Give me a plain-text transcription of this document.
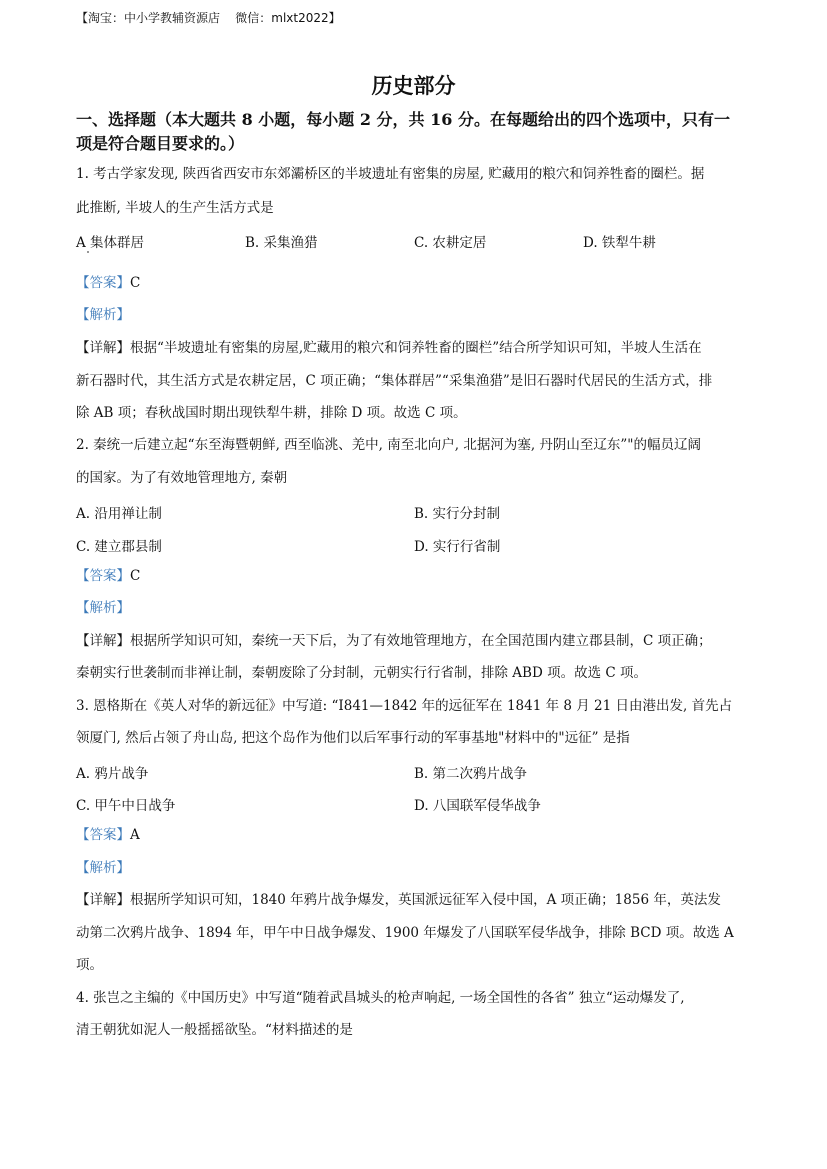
【淘宝：中小学教辅资源店    微信：mlxt2022】
历史部分
一、选择题（本大题共 8 小题，每小题 2 分，共 16 分。在每题给出的四个选项中，只有一
项是符合题目要求的。）
1. 考古学家发现, 陕西省西安市东郊灞桥区的半坡遗址有密集的房屋, 贮藏用的粮穴和饲养牲畜的圈栏。据
此推断, 半坡人的生产生活方式是
A 集体群居	B. 采集渔猎	C. 农耕定居	D. 铁犁牛耕
【答案】C
【解析】
【详解】根据“半坡遗址有密集的房屋,贮藏用的粮穴和饲养牲畜的圈栏”结合所学知识可知，半坡人生活在
新石器时代，其生活方式是农耕定居，C 项正确；“集体群居”“采集渔猎”是旧石器时代居民的生活方式，排
除 AB 项；春秋战国时期出现铁犁牛耕，排除 D 项。故选 C 项。
2. 秦统一后建立起“东至海暨朝鲜, 西至临洮、羌中, 南至北向户, 北据河为塞, 丹阴山至辽东”"的幅员辽阔
的国家。为了有效地管理地方, 秦朝
A. 沿用禅让制	B. 实行分封制
C. 建立郡县制	D. 实行行省制
【答案】C
【解析】
【详解】根据所学知识可知，秦统一天下后，为了有效地管理地方，在全国范围内建立郡县制，C 项正确；
秦朝实行世袭制而非禅让制，秦朝废除了分封制，元朝实行行省制，排除 ABD 项。故选 C 项。
3. 恩格斯在《英人对华的新远征》中写道: “I841—1842 年的远征军在 1841 年 8 月 21 日由港出发, 首先占
领厦门, 然后占领了舟山岛, 把这个岛作为他们以后军事行动的军事基地"材料中的"远征” 是指
A. 鸦片战争	B. 第二次鸦片战争
C. 甲午中日战争	D. 八国联军侵华战争
【答案】A
【解析】
【详解】根据所学知识可知，1840 年鸦片战争爆发，英国派远征军入侵中国，A 项正确；1856 年，英法发
动第二次鸦片战争、1894 年，甲午中日战争爆发、1900 年爆发了八国联军侵华战争，排除 BCD 项。故选 A
项。
4. 张岂之主编的《中国历史》中写道“随着武昌城头的枪声响起, 一场全国性的各省” 独立“运动爆发了,
清王朝犹如泥人一般摇摇欲坠。“材料描述的是
